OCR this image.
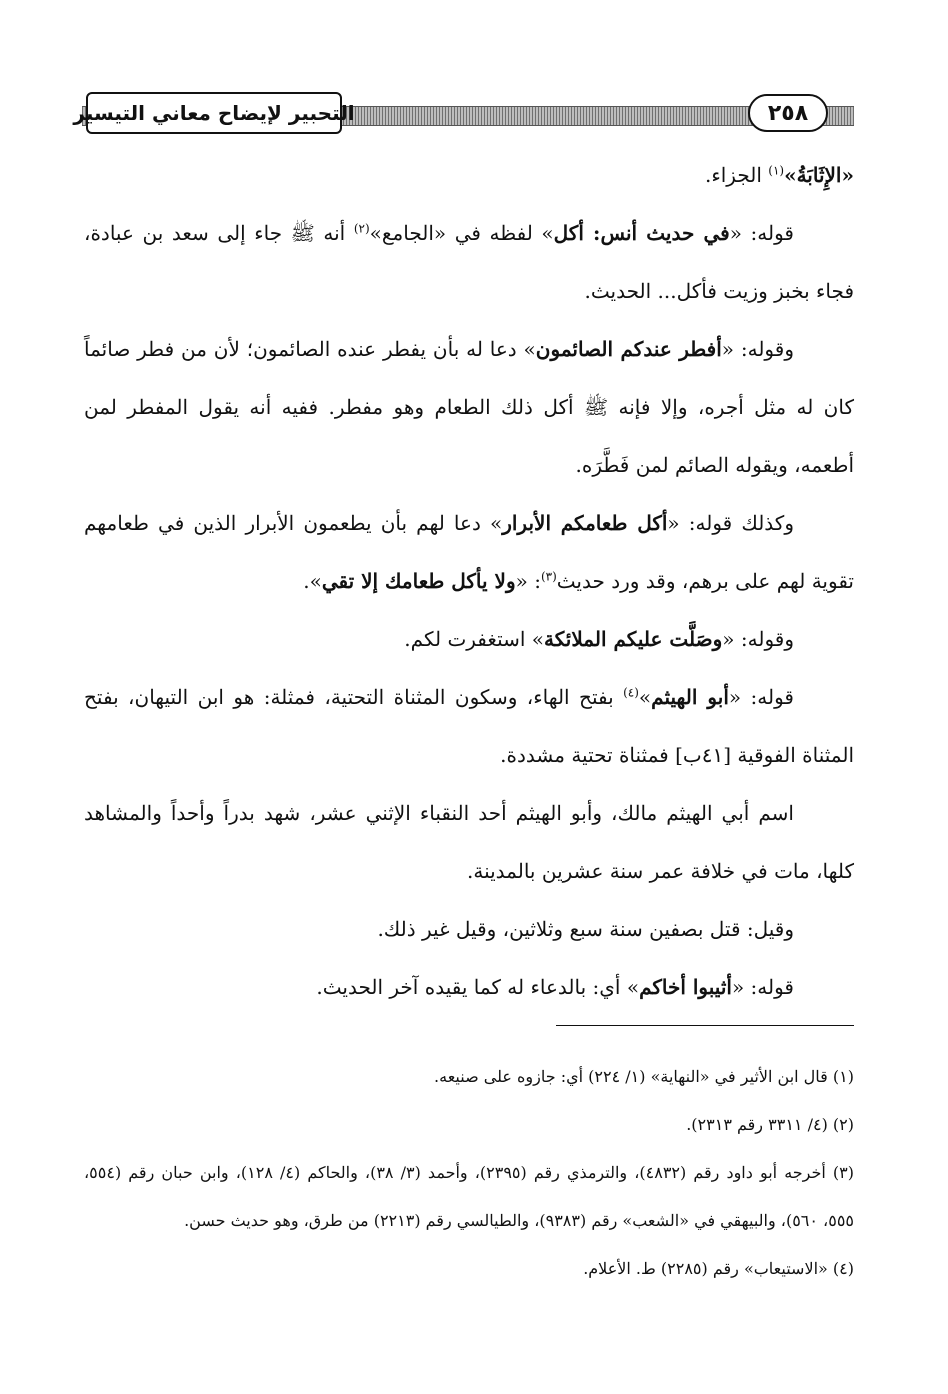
التحبير لإيضاح معاني التيسير	٢٥٨

«الإِثَابَةُ»$^{(١)}$ الجزاء.

قوله: «في حديث أنس: أكل» لفظه في «الجامع»$^{(٢)}$ أنه ﷺ جاء إلى سعد بن عبادة، فجاء بخبز وزيت فأكل... الحديث.

وقوله: «أفطر عندكم الصائمون» دعا له بأن يفطر عنده الصائمون؛ لأن من فطر صائماً كان له مثل أجره، وإلا فإنه ﷺ أكل ذلك الطعام وهو مفطر. ففيه أنه يقول المفطر لمن أطعمه، ويقوله الصائم لمن فَطَّرَه.

وكذلك قوله: «أكل طعامكم الأبرار» دعا لهم بأن يطعمون الأبرار الذين في طعامهم تقوية لهم على برهم، وقد ورد حديث$^{(٣)}$: «ولا يأكل طعامك إلا تقي».

وقوله: «وصَلَّت عليكم الملائكة» استغفرت لكم.

قوله: «أبو الهيثم»$^{(٤)}$ بفتح الهاء، وسكون المثناة التحتية، فمثلة: هو ابن التيهان، بفتح المثناة الفوقية [٤١ب] فمثناة تحتية مشددة.

اسم أبي الهيثم مالك، وأبو الهيثم أحد النقباء الإثني عشر، شهد بدراً وأحداً والمشاهد كلها، مات في خلافة عمر سنة عشرين بالمدينة.

وقيل: قتل بصفين سنة سبع وثلاثين، وقيل غير ذلك.

قوله: «أثيبوا أخاكم» أي: بالدعاء له كما يقيده آخر الحديث.

(١) قال ابن الأثير في «النهاية» (١/ ٢٢٤) أي: جازوه على صنيعه.

(٢) (٤/ ٣٣١١ رقم ٢٣١٣).

(٣) أخرجه أبو داود رقم (٤٨٣٢)، والترمذي رقم (٢٣٩٥)، وأحمد (٣/ ٣٨)، والحاكم (٤/ ١٢٨)، وابن حبان رقم (٥٥٤، ٥٥٥، ٥٦٠)، والبيهقي في «الشعب» رقم (٩٣٨٣)، والطيالسي رقم (٢٢١٣) من طرق، وهو حديث حسن.

(٤) «الاستيعاب» رقم (٢٢٨٥) ط. الأعلام.
